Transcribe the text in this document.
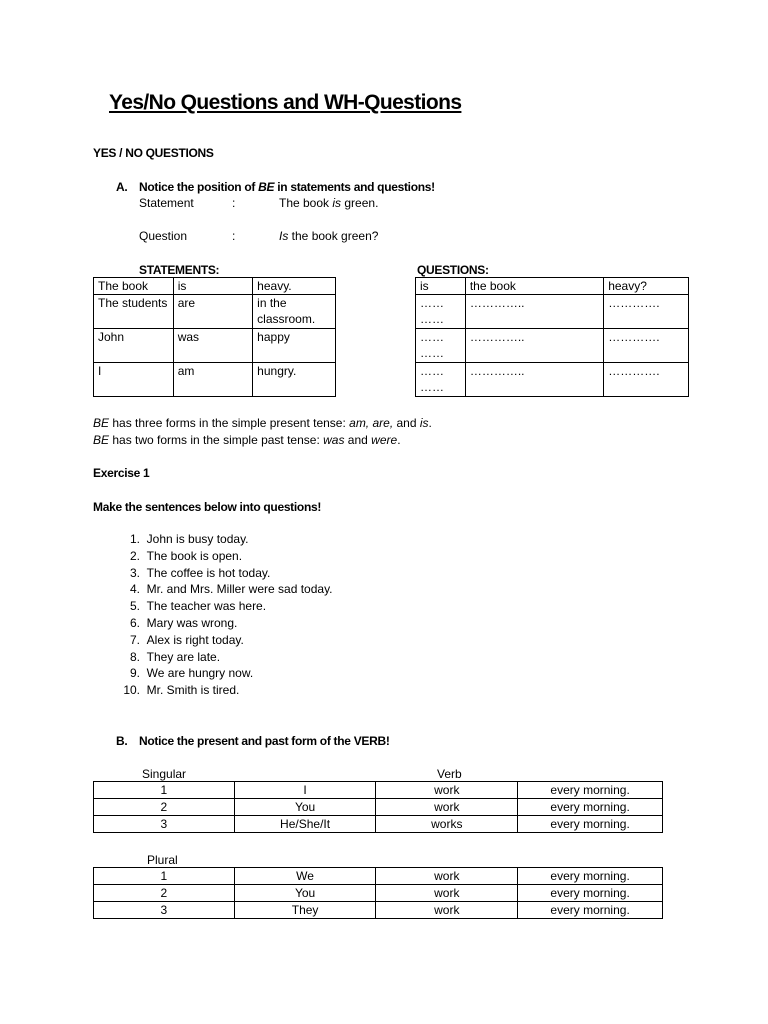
Yes/No Questions and WH-Questions
YES / NO QUESTIONS
A. Notice the position of BE in statements and questions!
Statement	:	The book is green.
Question	:	Is the book green?
STATEMENTS:	QUESTIONS:
The book	is	heavy.
The students	are	in the classroom.
John	was	happy
I	am	hungry.
is	the book	heavy?
…… ……	…………..	………….
…… ……	…………..	………….
…… ……	…………..	………….
BE has three forms in the simple present tense: am, are, and is.
BE has two forms in the simple past tense: was and were.
Exercise 1
Make the sentences below into questions!
1. John is busy today.
2. The book is open.
3. The coffee is hot today.
4. Mr. and Mrs. Miller were sad today.
5. The teacher was here.
6. Mary was wrong.
7. Alex is right today.
8. They are late.
9. We are hungry now.
10. Mr. Smith is tired.
B. Notice the present and past form of the VERB!
Singular	Verb
1	I	work	every morning.
2	You	work	every morning.
3	He/She/It	works	every morning.
Plural
1	We	work	every morning.
2	You	work	every morning.
3	They	work	every morning.
